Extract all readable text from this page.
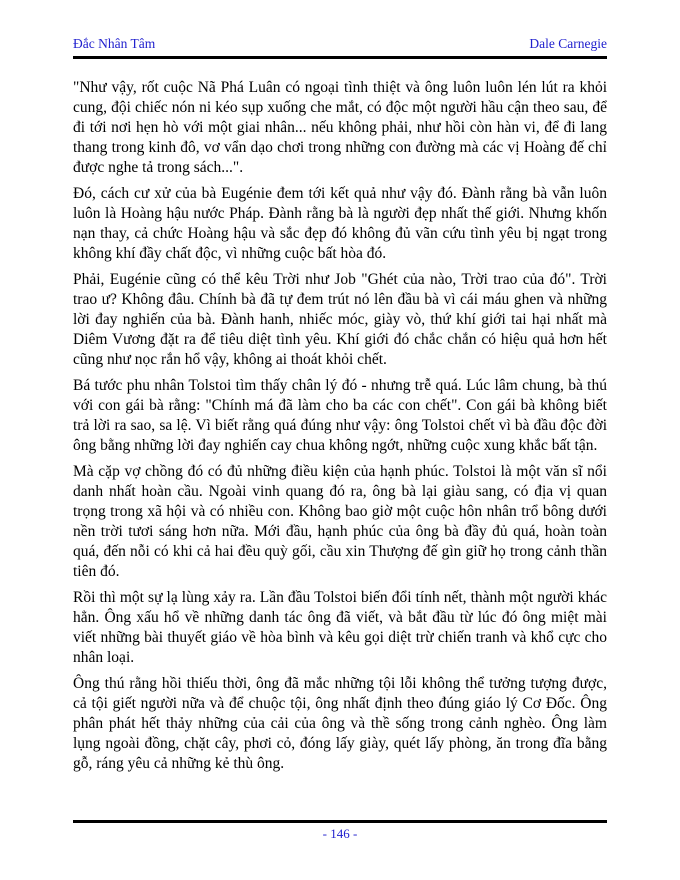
Đắc Nhân Tâm	Dale Carnegie

"Như vậy, rốt cuộc Nã Phá Luân có ngoại tình thiệt và ông luôn luôn lén lút ra khỏi cung, đội chiếc nón ni kéo sụp xuống che mắt, có độc một người hầu cận theo sau, để đi tới nơi hẹn hò với một giai nhân... nếu không phải, như hồi còn hàn vi, để đi lang thang trong kinh đô, vơ vẩn dạo chơi trong những con đường mà các vị Hoàng đế chỉ được nghe tả trong sách...".

Đó, cách cư xử của bà Eugénie đem tới kết quả như vậy đó. Đành rằng bà vẫn luôn luôn là Hoàng hậu nước Pháp. Đành rằng bà là người đẹp nhất thế giới. Nhưng khốn nạn thay, cả chức Hoàng hậu và sắc đẹp đó không đủ vãn cứu tình yêu bị ngạt trong không khí đầy chất độc, vì những cuộc bất hòa đó.

Phải, Eugénie cũng có thể kêu Trời như Job "Ghét của nào, Trời trao của đó". Trời trao ư? Không đâu. Chính bà đã tự đem trút nó lên đầu bà vì cái máu ghen và những lời đay nghiến của bà. Đành hanh, nhiếc móc, giày vò, thứ khí giới tai hại nhất mà Diêm Vương đặt ra để tiêu diệt tình yêu. Khí giới đó chắc chắn có hiệu quả hơn hết cũng như nọc rắn hổ vậy, không ai thoát khỏi chết.

Bá tước phu nhân Tolstoi tìm thấy chân lý đó - nhưng trễ quá. Lúc lâm chung, bà thú với con gái bà rằng: "Chính má đã làm cho ba các con chết". Con gái bà không biết trả lời ra sao, sa lệ. Vì biết rằng quá đúng như vậy: ông Tolstoi chết vì bà đầu độc đời ông bằng những lời đay nghiến cay chua không ngớt, những cuộc xung khắc bất tận.

Mà cặp vợ chồng đó có đủ những điều kiện của hạnh phúc. Tolstoi là một văn sĩ nổi danh nhất hoàn cầu. Ngoài vinh quang đó ra, ông bà lại giàu sang, có địa vị quan trọng trong xã hội và có nhiều con. Không bao giờ một cuộc hôn nhân trổ bông dưới nền trời tươi sáng hơn nữa. Mới đầu, hạnh phúc của ông bà đầy đủ quá, hoàn toàn quá, đến nỗi có khi cả hai đều quỳ gối, cầu xin Thượng đế gìn giữ họ trong cảnh thần tiên đó.

Rồi thì một sự lạ lùng xảy ra. Lần đầu Tolstoi biến đổi tính nết, thành một người khác hẳn. Ông xấu hổ về những danh tác ông đã viết, và bắt đầu từ lúc đó ông miệt mài viết những bài thuyết giáo về hòa bình và kêu gọi diệt trừ chiến tranh và khổ cực cho nhân loại.

Ông thú rằng hồi thiếu thời, ông đã mắc những tội lỗi không thể tưởng tượng được, cả tội giết người nữa và để chuộc tội, ông nhất định theo đúng giáo lý Cơ Đốc. Ông phân phát hết thảy những của cải của ông và thề sống trong cảnh nghèo. Ông làm lụng ngoài đồng, chặt cây, phơi cỏ, đóng lấy giày, quét lấy phòng, ăn trong đĩa bằng gỗ, ráng yêu cả những kẻ thù ông.

- 146 -
